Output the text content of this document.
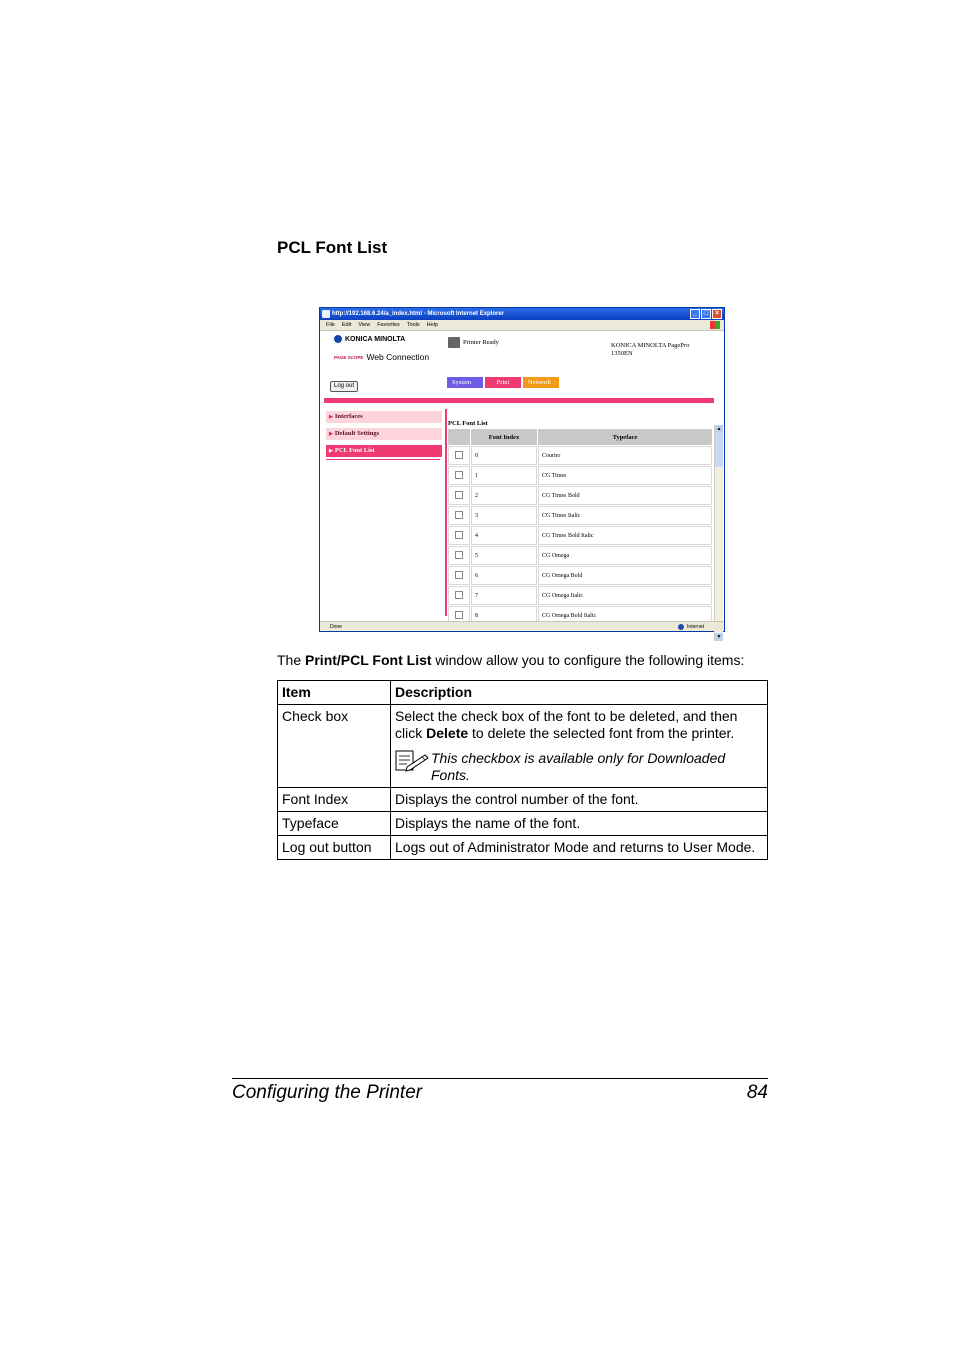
PCL Font List
http://192.168.6.24/a_index.html - Microsoft Internet Explorer	_ □ ×
File Edit View Favorites Tools Help
KONICA MINOLTA
PAGE SCOPE Web Connection
Printer Ready	KONICA MINOLTA PagePro
1350EN
Log out	System	Print	Network
▶ Interfaces
▶ Default Settings
▶ PCL Font List
PCL Font List
	Font Index	Typeface
	0	Courier
	1	CG Times
	2	CG Times Bold
	3	CG Times Italic
	4	CG Times Bold Italic
	5	CG Omega
	6	CG Omega Bold
	7	CG Omega Italic
	8	CG Omega Bold Italic
▲
▼
Done	Internet
The Print/PCL Font List window allow you to configure the following items:
Item	Description
Check box	Select the check box of the font to be deleted, and then click Delete to delete the selected font from the printer.
This checkbox is available only for Downloaded Fonts.

Font Index	Displays the control number of the font.
Typeface	Displays the name of the font.
Log out button	Logs out of Administrator Mode and returns to User Mode.
Configuring the Printer	84
